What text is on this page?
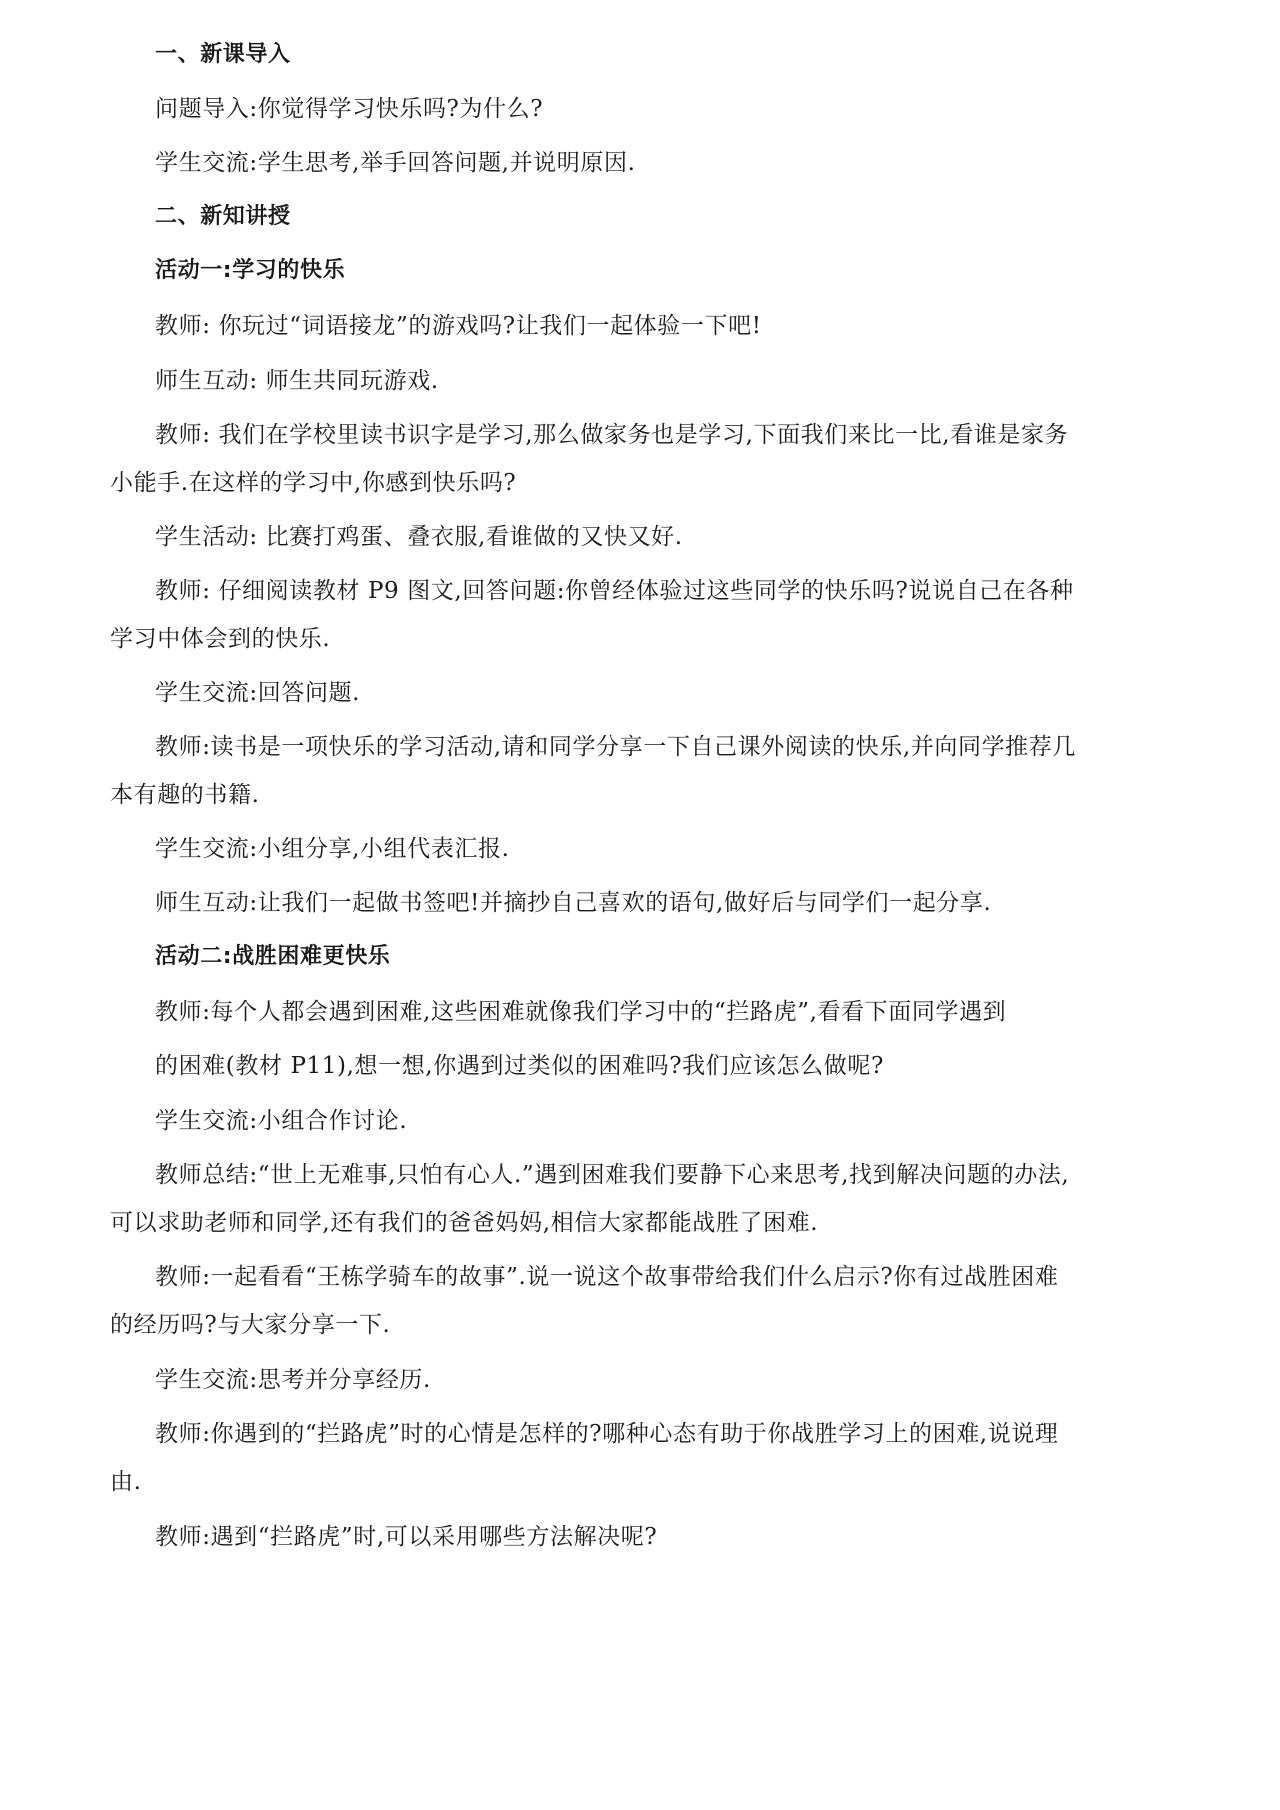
一、新课导入
问题导入:你觉得学习快乐吗?为什么?
学生交流:学生思考,举手回答问题,并说明原因.
二、新知讲授
活动一:学习的快乐
教师: 你玩过“词语接龙”的游戏吗?让我们一起体验一下吧!
师生互动: 师生共同玩游戏.
教师: 我们在学校里读书识字是学习,那么做家务也是学习,下面我们来比一比,看谁是家务
小能手.在这样的学习中,你感到快乐吗?
学生活动: 比赛打鸡蛋、叠衣服,看谁做的又快又好.
教师: 仔细阅读教材 P9 图文,回答问题:你曾经体验过这些同学的快乐吗?说说自己在各种
学习中体会到的快乐.
学生交流:回答问题.
教师:读书是一项快乐的学习活动,请和同学分享一下自己课外阅读的快乐,并向同学推荐几
本有趣的书籍.
学生交流:小组分享,小组代表汇报.
师生互动:让我们一起做书签吧!并摘抄自己喜欢的语句,做好后与同学们一起分享.
活动二:战胜困难更快乐
教师:每个人都会遇到困难,这些困难就像我们学习中的“拦路虎”,看看下面同学遇到
的困难(教材 P11),想一想,你遇到过类似的困难吗?我们应该怎么做呢?
学生交流:小组合作讨论.
教师总结:“世上无难事,只怕有心人.”遇到困难我们要静下心来思考,找到解决问题的办法,
可以求助老师和同学,还有我们的爸爸妈妈,相信大家都能战胜了困难.
教师:一起看看“王栋学骑车的故事”.说一说这个故事带给我们什么启示?你有过战胜困难
的经历吗?与大家分享一下.
学生交流:思考并分享经历.
教师:你遇到的“拦路虎”时的心情是怎样的?哪种心态有助于你战胜学习上的困难,说说理
由.
教师:遇到“拦路虎”时,可以采用哪些方法解决呢?
